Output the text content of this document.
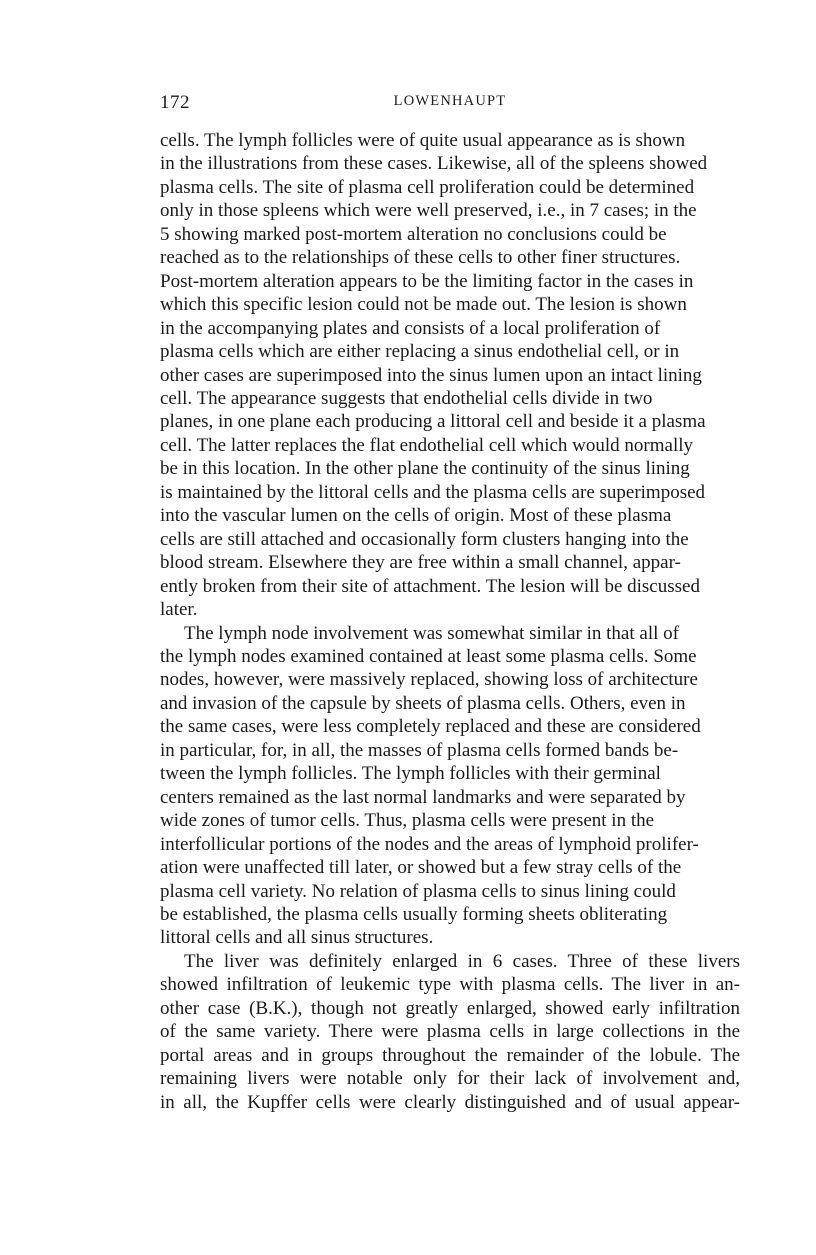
172	LOWENHAUPT

cells. The lymph follicles were of quite usual appearance as is shown
in the illustrations from these cases. Likewise, all of the spleens showed
plasma cells. The site of plasma cell proliferation could be determined
only in those spleens which were well preserved, i.e., in 7 cases; in the
5 showing marked post-mortem alteration no conclusions could be
reached as to the relationships of these cells to other finer structures.
Post-mortem alteration appears to be the limiting factor in the cases in
which this specific lesion could not be made out. The lesion is shown
in the accompanying plates and consists of a local proliferation of
plasma cells which are either replacing a sinus endothelial cell, or in
other cases are superimposed into the sinus lumen upon an intact lining
cell. The appearance suggests that endothelial cells divide in two
planes, in one plane each producing a littoral cell and beside it a plasma
cell. The latter replaces the flat endothelial cell which would normally
be in this location. In the other plane the continuity of the sinus lining
is maintained by the littoral cells and the plasma cells are superimposed
into the vascular lumen on the cells of origin. Most of these plasma
cells are still attached and occasionally form clusters hanging into the
blood stream. Elsewhere they are free within a small channel, appar-
ently broken from their site of attachment. The lesion will be discussed
later.

The lymph node involvement was somewhat similar in that all of
the lymph nodes examined contained at least some plasma cells. Some
nodes, however, were massively replaced, showing loss of architecture
and invasion of the capsule by sheets of plasma cells. Others, even in
the same cases, were less completely replaced and these are considered
in particular, for, in all, the masses of plasma cells formed bands be-
tween the lymph follicles. The lymph follicles with their germinal
centers remained as the last normal landmarks and were separated by
wide zones of tumor cells. Thus, plasma cells were present in the
interfollicular portions of the nodes and the areas of lymphoid prolifer-
ation were unaffected till later, or showed but a few stray cells of the
plasma cell variety. No relation of plasma cells to sinus lining could
be established, the plasma cells usually forming sheets obliterating
littoral cells and all sinus structures.

The liver was definitely enlarged in 6 cases. Three of these livers
showed infiltration of leukemic type with plasma cells. The liver in an-
other case (B.K.), though not greatly enlarged, showed early infiltration
of the same variety. There were plasma cells in large collections in the
portal areas and in groups throughout the remainder of the lobule. The
remaining livers were notable only for their lack of involvement and,
in all, the Kupffer cells were clearly distinguished and of usual appear-
